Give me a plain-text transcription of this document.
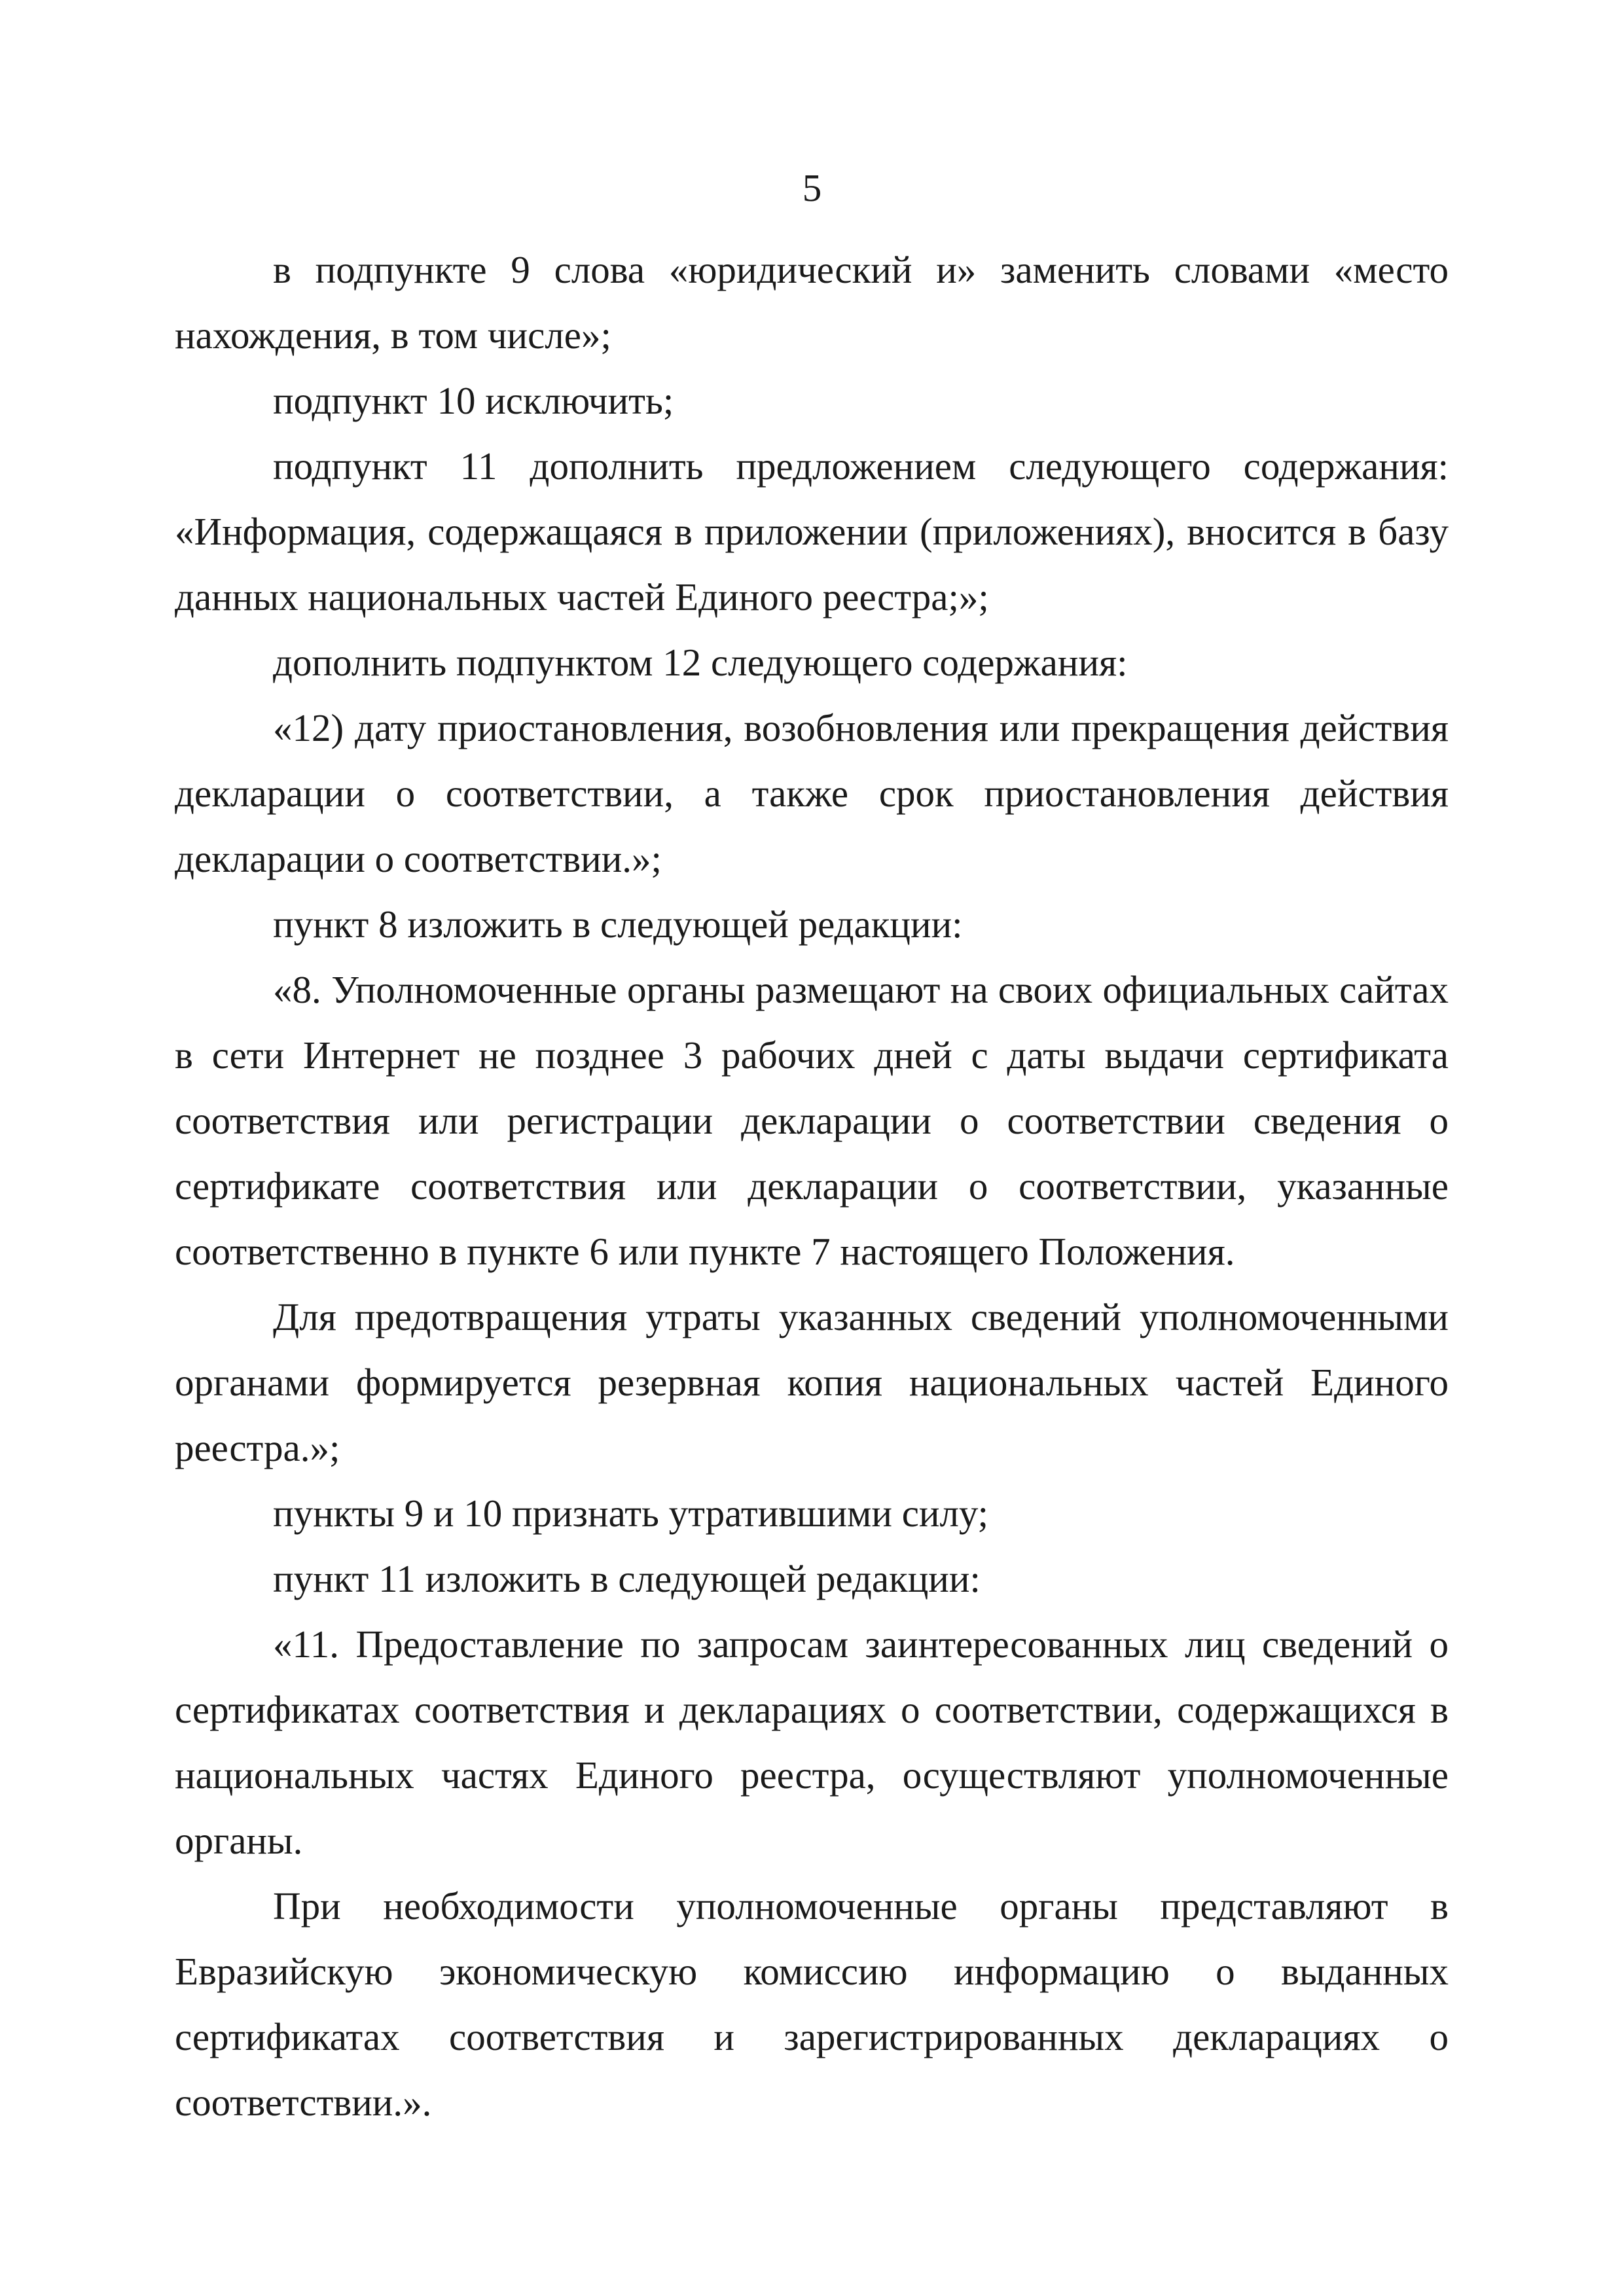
5

в подпункте 9 слова «юридический и» заменить словами «место нахождения, в том числе»;

подпункт 10 исключить;

подпункт 11 дополнить предложением следующего содержания: «Информация, содержащаяся в приложении (приложениях), вносится в базу данных национальных частей Единого реестра;»;

дополнить подпунктом 12 следующего содержания:

«12) дату приостановления, возобновления или прекращения действия декларации о соответствии, а также срок приостановления действия декларации о соответствии.»;

пункт 8 изложить в следующей редакции:

«8. Уполномоченные органы размещают на своих официальных сайтах в сети Интернет не позднее 3 рабочих дней с даты выдачи сертификата соответствия или регистрации декларации о соответствии сведения о сертификате соответствия или декларации о соответствии, указанные соответственно в пункте 6 или пункте 7 настоящего Положения.

Для предотвращения утраты указанных сведений уполномоченными органами формируется резервная копия национальных частей Единого реестра.»;

пункты 9 и 10 признать утратившими силу;

пункт 11 изложить в следующей редакции:

«11. Предоставление по запросам заинтересованных лиц сведений о сертификатах соответствия и декларациях о соответствии, содержащихся в национальных частях Единого реестра, осуществляют уполномоченные органы.

При необходимости уполномоченные органы представляют в Евразийскую экономическую комиссию информацию о выданных сертификатах соответствия и зарегистрированных декларациях о соответствии.».
